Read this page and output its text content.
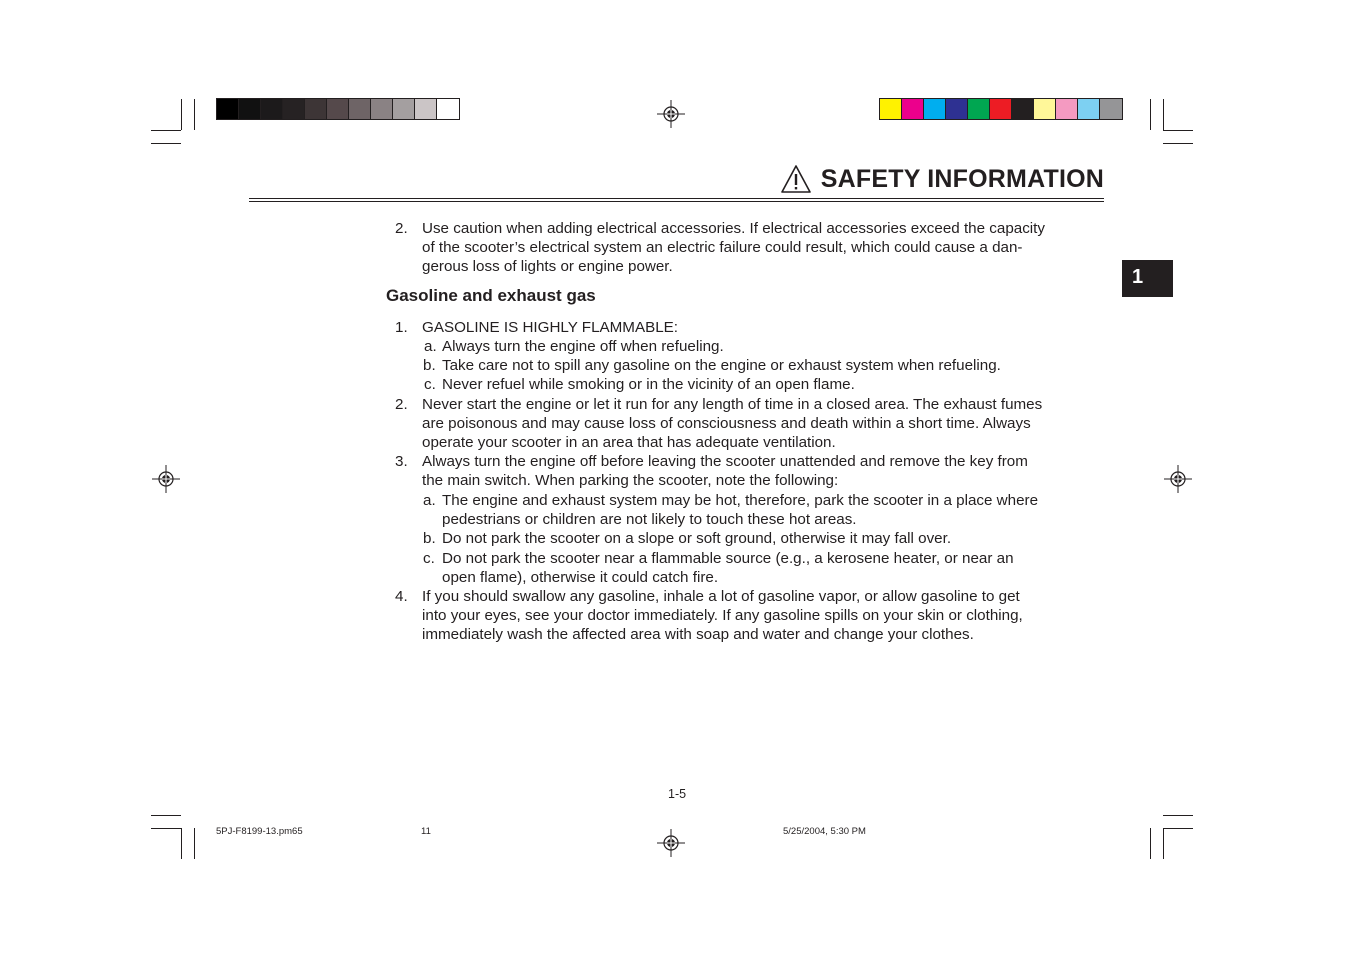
SAFETY INFORMATION
1
2. Use caution when adding electrical accessories. If electrical accessories exceed the capacity
of the scooter’s electrical system an electric failure could result, which could cause a dan-
gerous loss of lights or engine power.
Gasoline and exhaust gas
1. GASOLINE IS HIGHLY FLAMMABLE:
a. Always turn the engine off when refueling.
b. Take care not to spill any gasoline on the engine or exhaust system when refueling.
c. Never refuel while smoking or in the vicinity of an open flame.
2. Never start the engine or let it run for any length of time in a closed area. The exhaust fumes
are poisonous and may cause loss of consciousness and death within a short time. Always
operate your scooter in an area that has adequate ventilation.
3. Always turn the engine off before leaving the scooter unattended and remove the key from
the main switch. When parking the scooter, note the following:
a. The engine and exhaust system may be hot, therefore, park the scooter in a place where
pedestrians or children are not likely to touch these hot areas.
b. Do not park the scooter on a slope or soft ground, otherwise it may fall over.
c. Do not park the scooter near a flammable source (e.g., a kerosene heater, or near an
open flame), otherwise it could catch fire.
4. If you should swallow any gasoline, inhale a lot of gasoline vapor, or allow gasoline to get
into your eyes, see your doctor immediately. If any gasoline spills on your skin or clothing,
immediately wash the affected area with soap and water and change your clothes.
1-5
5PJ-F8199-13.pm65	11	5/25/2004, 5:30 PM
